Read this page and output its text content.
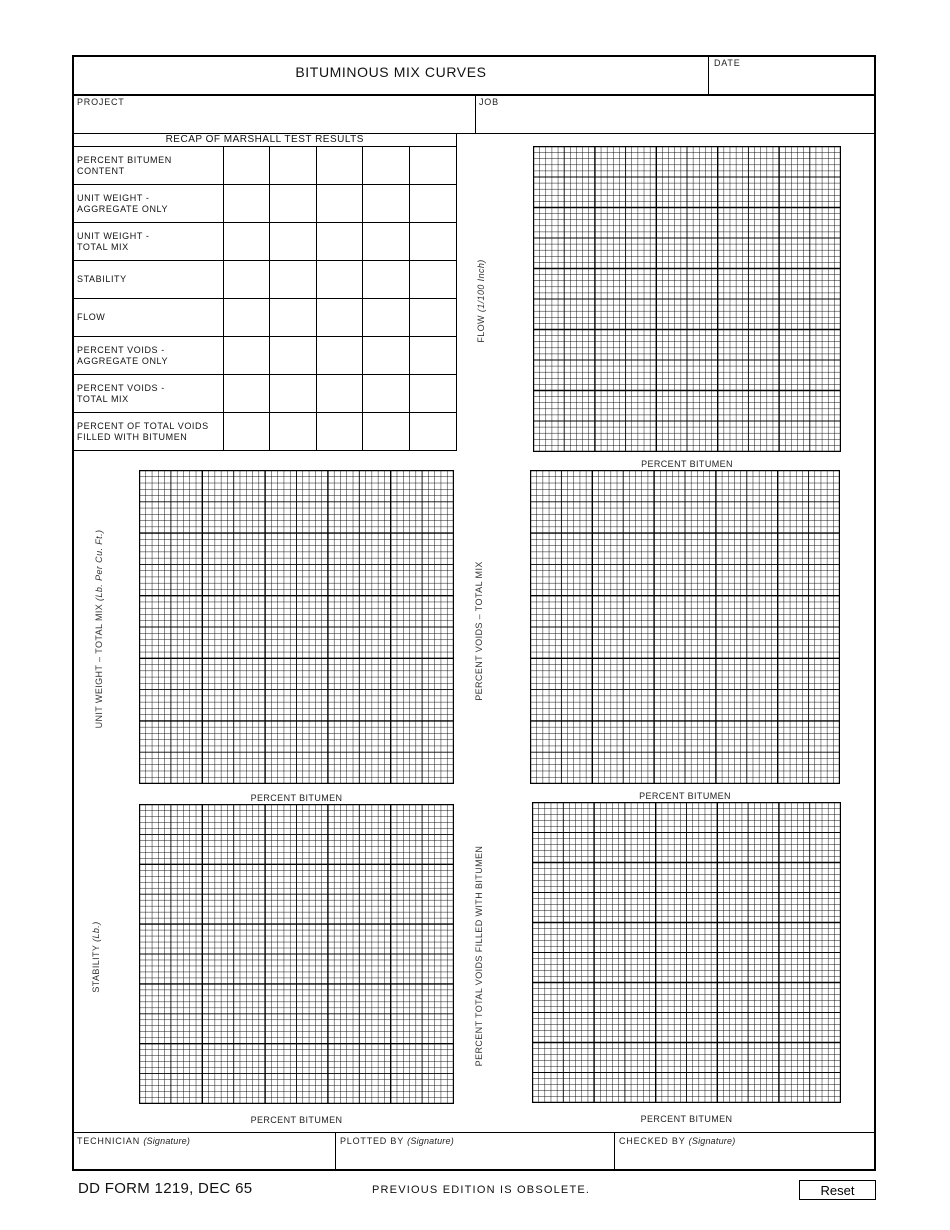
BITUMINOUS MIX CURVES
DATE
PROJECT	JOB
RECAP OF MARSHALL TEST RESULTS					

PERCENT BITUMEN
CONTENT

UNIT WEIGHT -
AGGREGATE ONLY

UNIT WEIGHT -
TOTAL MIX

STABILITY

FLOW

PERCENT VOIDS -
AGGREGATE ONLY

PERCENT VOIDS -
TOTAL MIX

PERCENT OF TOTAL VOIDS
FILLED WITH BITUMEN

PERCENT BITUMEN
PERCENT BITUMEN	PERCENT BITUMEN
PERCENT BITUMEN	PERCENT BITUMEN
FLOW (1/100 Inch)
UNIT WEIGHT – TOTAL MIX (Lb. Per Cu. Ft.)	PERCENT VOIDS – TOTAL MIX
STABILITY (Lb.)	PERCENT TOTAL VOIDS FILLED WITH BITUMEN
TECHNICIAN (Signature)	PLOTTED BY (Signature)	CHECKED BY (Signature)
DD FORM 1219, DEC 65	PREVIOUS EDITION IS OBSOLETE.	Reset
